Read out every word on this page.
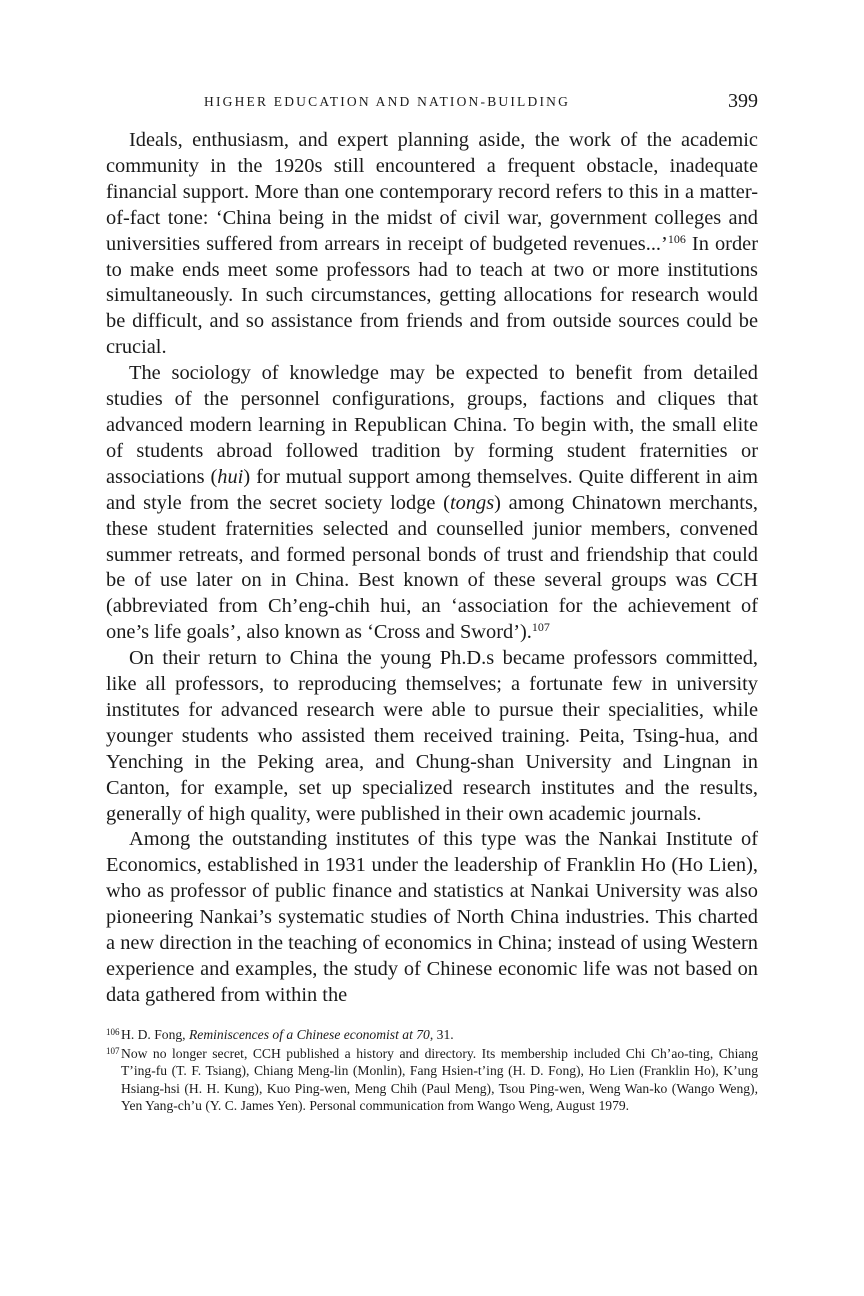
HIGHER EDUCATION AND NATION-BUILDING	399

Ideals, enthusiasm, and expert planning aside, the work of the academic community in the 1920s still encountered a frequent obstacle, inadequate financial support. More than one contemporary record refers to this in a matter-of-fact tone: ‘China being in the midst of civil war, government colleges and universities suffered from arrears in receipt of budgeted revenues...’$^{106}$ In order to make ends meet some professors had to teach at two or more institutions simultaneously. In such circumstances, getting allocations for research would be difficult, and so assistance from friends and from outside sources could be crucial.

The sociology of knowledge may be expected to benefit from detailed studies of the personnel configurations, groups, factions and cliques that advanced modern learning in Republican China. To begin with, the small elite of students abroad followed tradition by forming student fraternities or associations (hui) for mutual support among themselves. Quite different in aim and style from the secret society lodge (tongs) among Chinatown merchants, these student fraternities selected and counselled junior members, convened summer retreats, and formed personal bonds of trust and friendship that could be of use later on in China. Best known of these several groups was CCH (abbreviated from Ch’eng-chih hui, an ‘association for the achievement of one’s life goals’, also known as ‘Cross and Sword’).$^{107}$

On their return to China the young Ph.D.s became professors committed, like all professors, to reproducing themselves; a fortunate few in university institutes for advanced research were able to pursue their specialities, while younger students who assisted them received training. Peita, Tsing-hua, and Yenching in the Peking area, and Chung-shan University and Lingnan in Canton, for example, set up specialized research institutes and the results, generally of high quality, were published in their own academic journals.

Among the outstanding institutes of this type was the Nankai Institute of Economics, established in 1931 under the leadership of Franklin Ho (Ho Lien), who as professor of public finance and statistics at Nankai University was also pioneering Nankai’s systematic studies of North China industries. This charted a new direction in the teaching of economics in China; instead of using Western experience and examples, the study of Chinese economic life was not based on data gathered from within the

106 H. D. Fong, Reminiscences of a Chinese economist at 70, 31.

107 Now no longer secret, CCH published a history and directory. Its membership included Chi Ch’ao-ting, Chiang T’ing-fu (T. F. Tsiang), Chiang Meng-lin (Monlin), Fang Hsien-t’ing (H. D. Fong), Ho Lien (Franklin Ho), K’ung Hsiang-hsi (H. H. Kung), Kuo Ping-wen, Meng Chih (Paul Meng), Tsou Ping-wen, Weng Wan-ko (Wango Weng), Yen Yang-ch’u (Y. C. James Yen). Personal communication from Wango Weng, August 1979.
